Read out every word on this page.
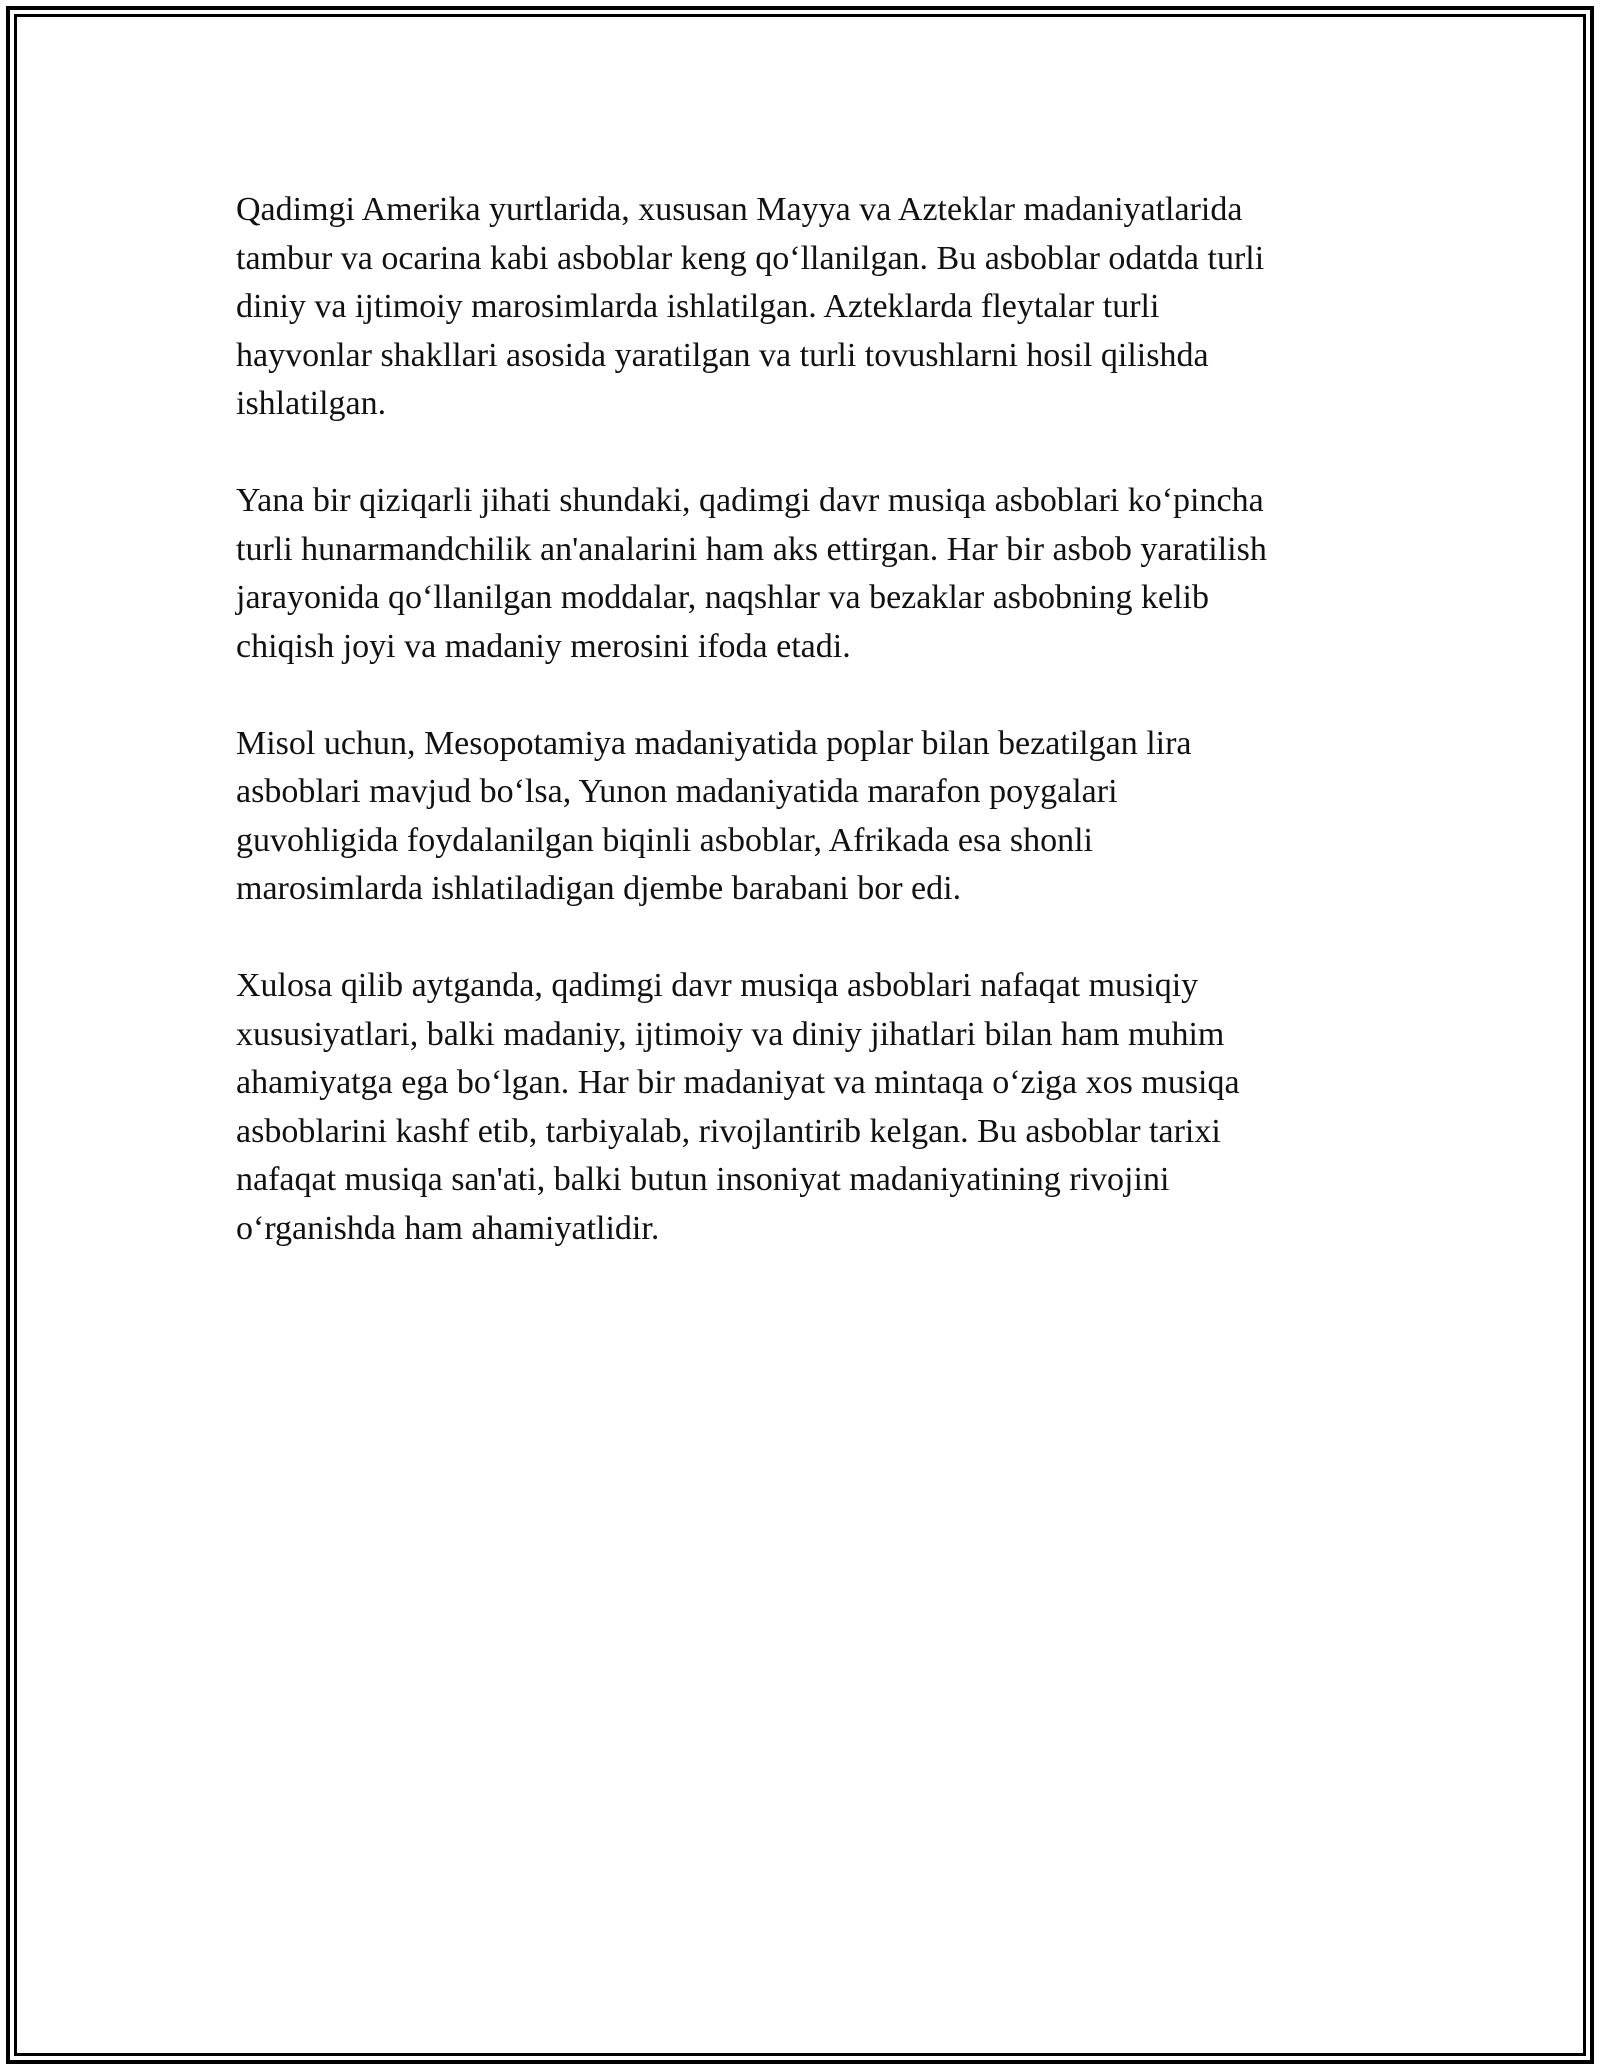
Qadimgi Amerika yurtlarida, xususan Mayya va Azteklar madaniyatlarida
tambur va ocarina kabi asboblar keng qo‘llanilgan. Bu asboblar odatda turli
diniy va ijtimoiy marosimlarda ishlatilgan. Azteklarda fleytalar turli
hayvonlar shakllari asosida yaratilgan va turli tovushlarni hosil qilishda
ishlatilgan.

Yana bir qiziqarli jihati shundaki, qadimgi davr musiqa asboblari ko‘pincha
turli hunarmandchilik an'analarini ham aks ettirgan. Har bir asbob yaratilish
jarayonida qo‘llanilgan moddalar, naqshlar va bezaklar asbobning kelib
chiqish joyi va madaniy merosini ifoda etadi.

Misol uchun, Mesopotamiya madaniyatida poplar bilan bezatilgan lira
asboblari mavjud bo‘lsa, Yunon madaniyatida marafon poygalari
guvohligida foydalanilgan biqinli asboblar, Afrikada esa shonli
marosimlarda ishlatiladigan djembe barabani bor edi.

Xulosa qilib aytganda, qadimgi davr musiqa asboblari nafaqat musiqiy
xususiyatlari, balki madaniy, ijtimoiy va diniy jihatlari bilan ham muhim
ahamiyatga ega bo‘lgan. Har bir madaniyat va mintaqa o‘ziga xos musiqa
asboblarini kashf etib, tarbiyalab, rivojlantirib kelgan. Bu asboblar tarixi
nafaqat musiqa san'ati, balki butun insoniyat madaniyatining rivojini
o‘rganishda ham ahamiyatlidir.
